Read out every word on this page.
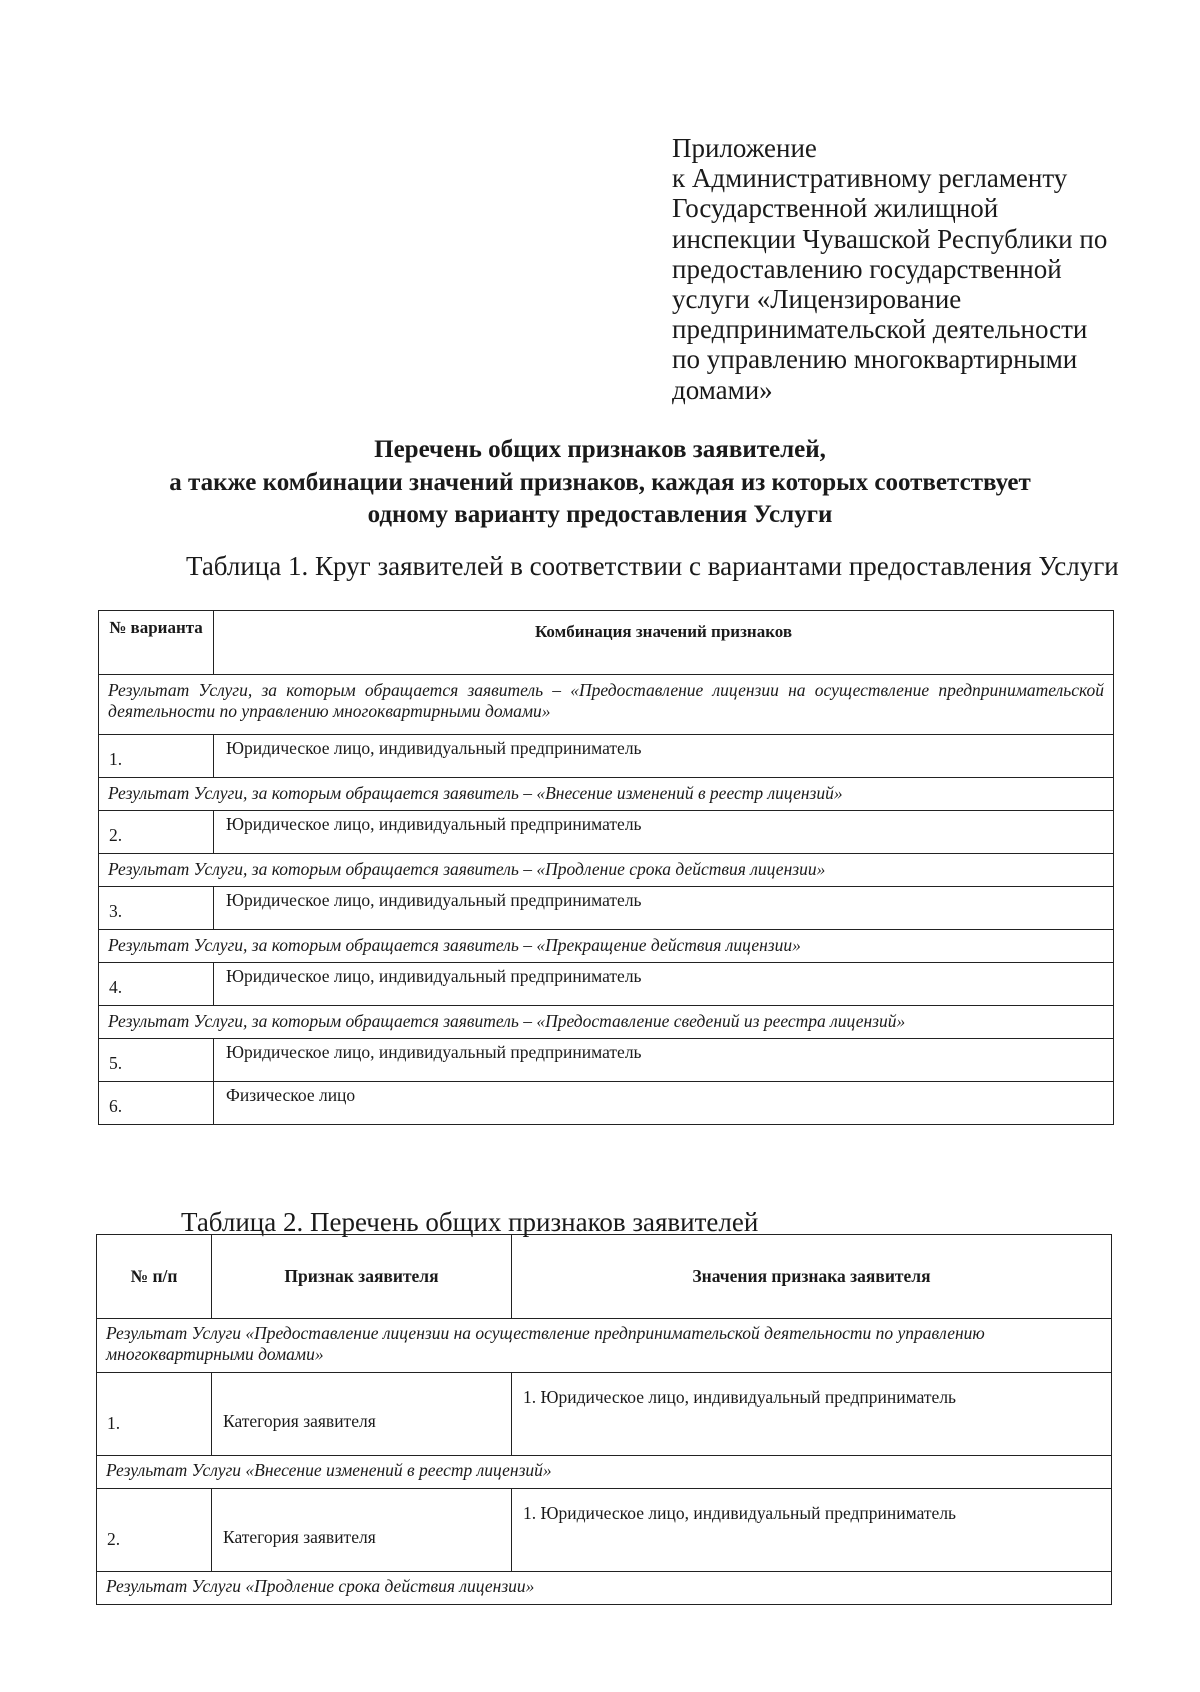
Приложение
к Административному регламенту
Государственной жилищной
инспекции Чувашской Республики по
предоставлению государственной
услуги «Лицензирование
предпринимательской деятельности
по управлению многоквартирными
домами»
Перечень общих признаков заявителей,
а также комбинации значений признаков, каждая из которых соответствует
одному варианту предоставления Услуги
Таблица 1. Круг заявителей в соответствии с вариантами предоставления Услуги
№ варианта	Комбинация значений признаков
Результат Услуги, за которым обращается заявитель – «Предоставление лицензии на осуществление предпринимательской деятельности по управлению многоквартирными домами»	
1.	Юридическое лицо, индивидуальный предприниматель
Результат Услуги, за которым обращается заявитель – «Внесение изменений в реестр лицензий»	
2.	Юридическое лицо, индивидуальный предприниматель
Результат Услуги, за которым обращается заявитель – «Продление срока действия лицензии»	
3.	Юридическое лицо, индивидуальный предприниматель
Результат Услуги, за которым обращается заявитель – «Прекращение действия лицензии»	
4.	Юридическое лицо, индивидуальный предприниматель
Результат Услуги, за которым обращается заявитель – «Предоставление сведений из реестра лицензий»	
5.	Юридическое лицо, индивидуальный предприниматель
6.	Физическое лицо
Таблица 2. Перечень общих признаков заявителей
№ п/п	Признак заявителя	Значения признака заявителя
Результат Услуги «Предоставление лицензии на осуществление предпринимательской деятельности по управлению многоквартирными домами»		
1.	Категория заявителя	1. Юридическое лицо, индивидуальный предприниматель
Результат Услуги «Внесение изменений в реестр лицензий»		
2.	Категория заявителя	1. Юридическое лицо, индивидуальный предприниматель
Результат Услуги «Продление срока действия лицензии»		
